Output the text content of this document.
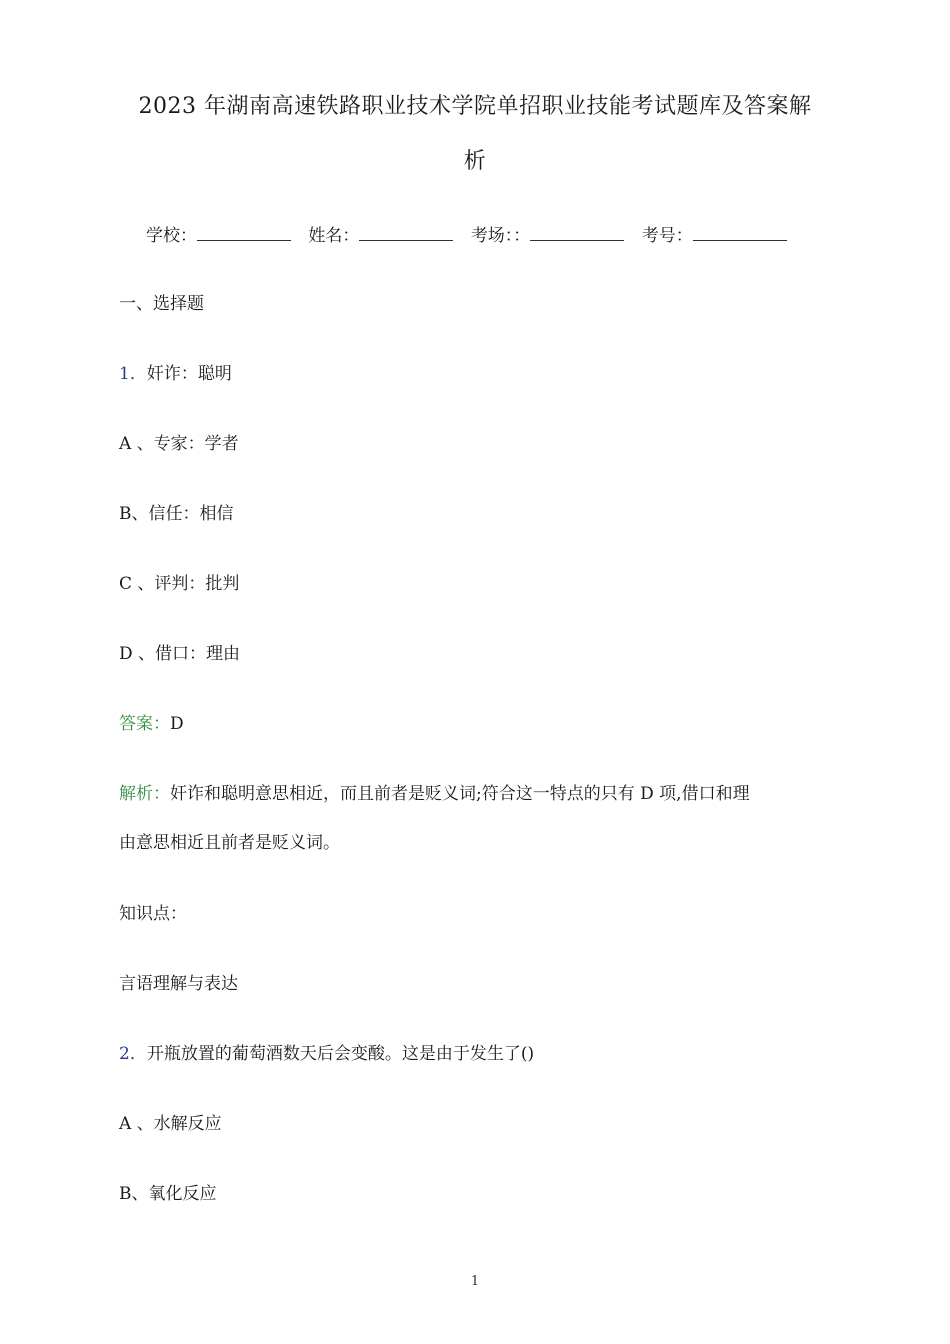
2023 年湖南高速铁路职业技术学院单招职业技能考试题库及答案解
析
学校：	姓名：	考场：：	考号：
一、选择题
1．奸诈：聪明
A 、专家：学者
B、信任：相信
C 、评判：批判
D 、借口：理由
答案：D
解析：奸诈和聪明意思相近，而且前者是贬义词;符合这一特点的只有 D 项,借口和理
由意思相近且前者是贬义词。
知识点：
言语理解与表达
2．开瓶放置的葡萄酒数天后会变酸。这是由于发生了()
A 、水解反应
B、氧化反应
1
